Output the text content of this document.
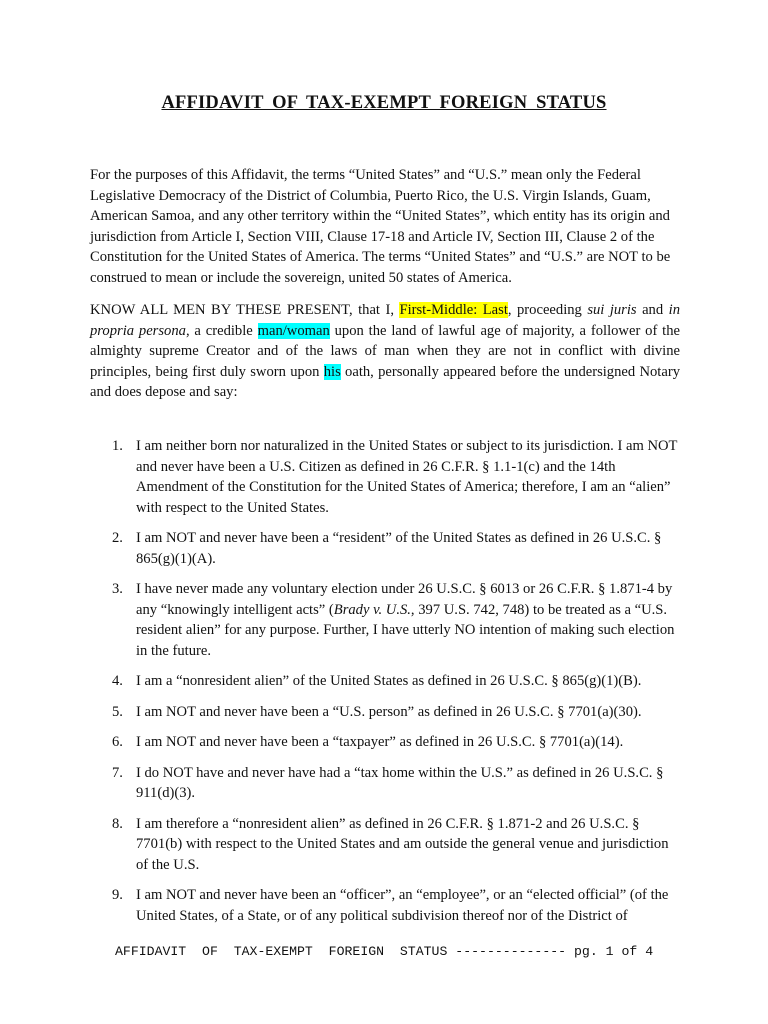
AFFIDAVIT OF TAX-EXEMPT FOREIGN STATUS

For the purposes of this Affidavit, the terms “United States” and “U.S.” mean only the Federal Legislative Democracy of the District of Columbia, Puerto Rico, the U.S. Virgin Islands, Guam, American Samoa, and any other territory within the “United States”, which entity has its origin and jurisdiction from Article I, Section VIII, Clause 17-18 and Article IV, Section III, Clause 2 of the Constitution for the United States of America. The terms “United States” and “U.S.” are NOT to be construed to mean or include the sovereign, united 50 states of America.

KNOW ALL MEN BY THESE PRESENT, that I, First-Middle: Last, proceeding sui juris and in propria persona, a credible man/woman upon the land of lawful age of majority, a follower of the almighty supreme Creator and of the laws of man when they are not in conflict with divine principles, being first duly sworn upon his oath, personally appeared before the undersigned Notary and does depose and say:

1. I am neither born nor naturalized in the United States or subject to its jurisdiction. I am NOT and never have been a U.S. Citizen as defined in 26 C.F.R. § 1.1-1(c) and the 14th Amendment of the Constitution for the United States of America; therefore, I am an “alien” with respect to the United States.
2. I am NOT and never have been a “resident” of the United States as defined in 26 U.S.C. § 865(g)(1)(A).
3. I have never made any voluntary election under 26 U.S.C. § 6013 or 26 C.F.R. § 1.871-4 by any “knowingly intelligent acts” (Brady v. U.S., 397 U.S. 742, 748) to be treated as a “U.S. resident alien” for any purpose. Further, I have utterly NO intention of making such election in the future.
4. I am a “nonresident alien” of the United States as defined in 26 U.S.C. § 865(g)(1)(B).
5. I am NOT and never have been a “U.S. person” as defined in 26 U.S.C. § 7701(a)(30).
6. I am NOT and never have been a “taxpayer” as defined in 26 U.S.C. § 7701(a)(14).
7. I do NOT have and never have had a “tax home within the U.S.” as defined in 26 U.S.C. § 911(d)(3).
8. I am therefore a “nonresident alien” as defined in 26 C.F.R. § 1.871-2 and 26 U.S.C. § 7701(b) with respect to the United States and am outside the general venue and jurisdiction of the U.S.
9. I am NOT and never have been an “officer”, an “employee”, or an “elected official” (of the United States, of a State, or of any political subdivision thereof nor of the District of
AFFIDAVIT  OF  TAX-EXEMPT  FOREIGN  STATUS -------------- pg. 1 of 4
